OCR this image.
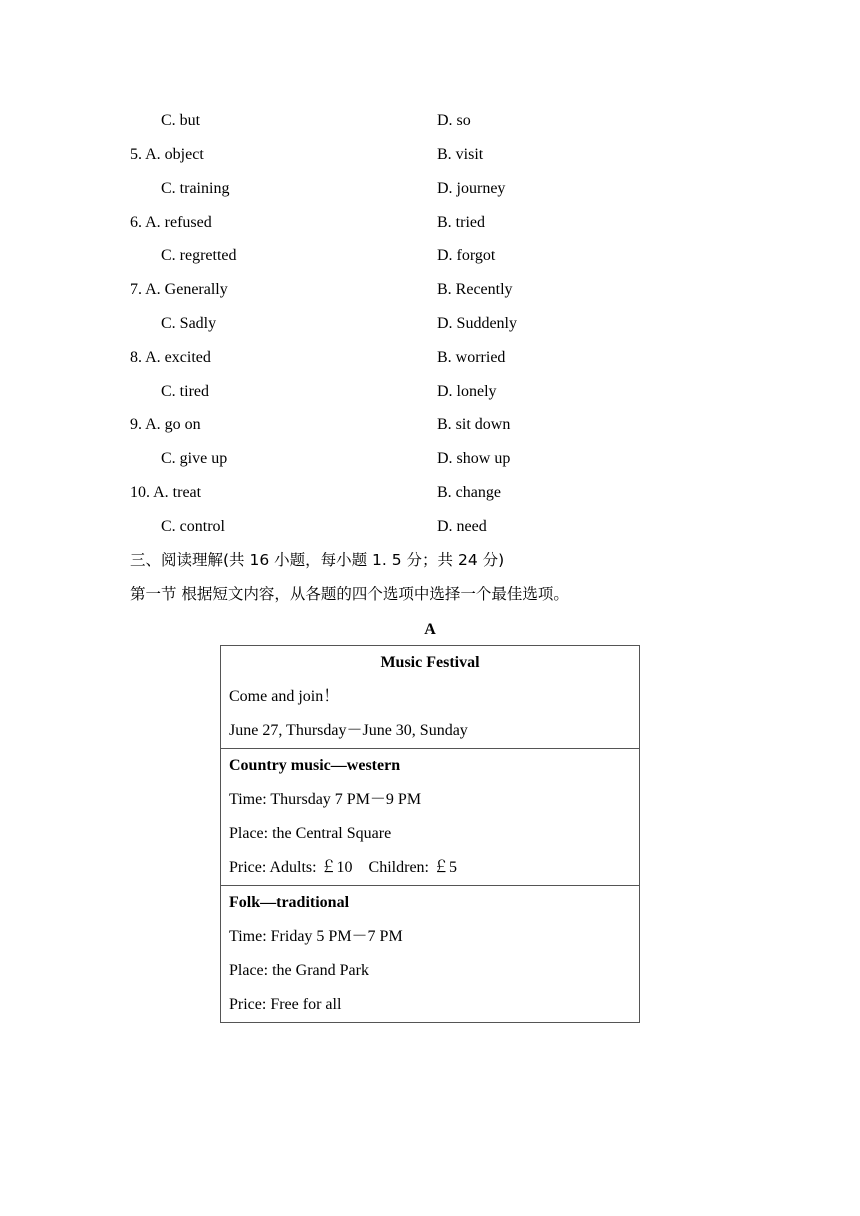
C. but	D. so
5. A. object	B. visit
C. training	D. journey
6. A. refused	B. tried
C. regretted	D. forgot
7. A. Generally	B. Recently
C. Sadly	D. Suddenly
8. A. excited	B. worried
C. tired	D. lonely
9. A. go on	B. sit down
C. give up	D. show up
10. A. treat	B. change
C. control	D. need
三、阅读理解(共 16 小题，每小题 1. 5 分；共 24 分)
第一节 根据短文内容，从各题的四个选项中选择一个最佳选项。
A
Music Festival
Come and join！
June 27, Thursday－June 30, Sunday
Country music—western
Time: Thursday 7 PM－9 PM
Place: the Central Square
Price: Adults: ￡10    Children: ￡5
Folk—traditional
Time: Friday 5 PM－7 PM
Place: the Grand Park
Price: Free for all
